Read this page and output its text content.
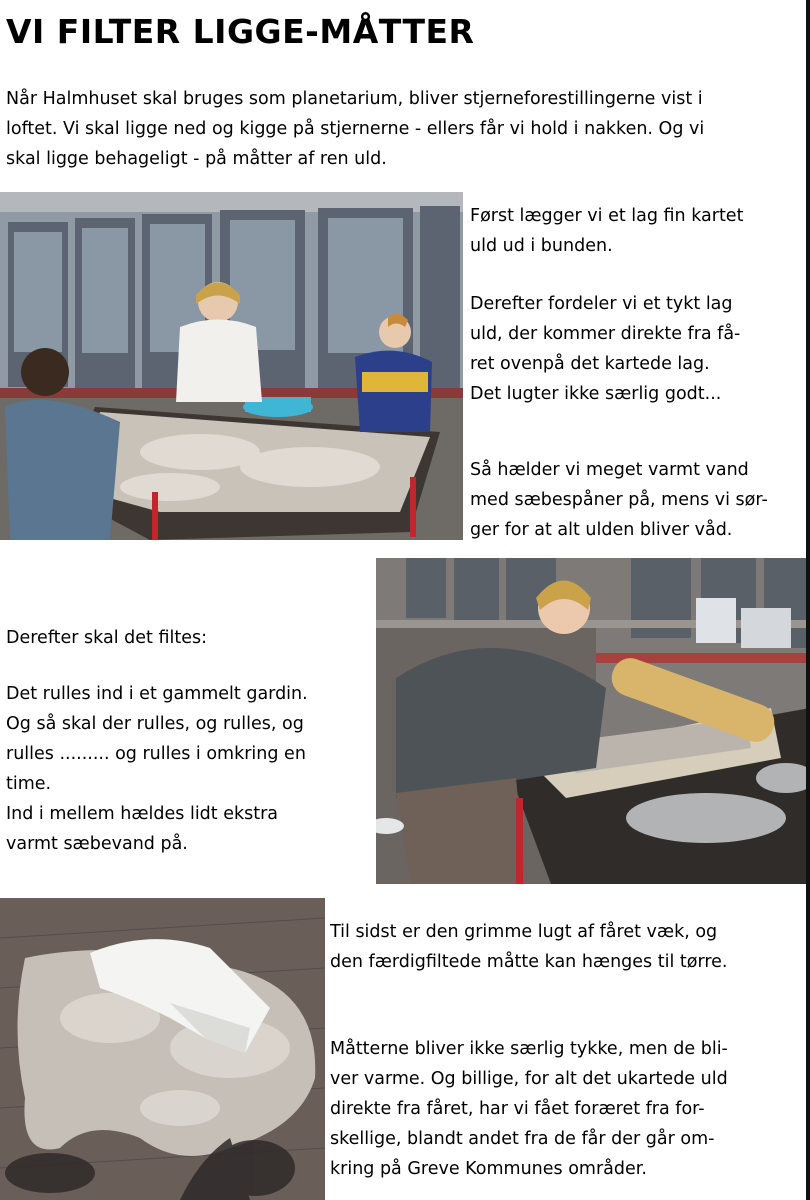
VI FILTER LIGGE-MÅTTER

Når Halmhuset skal bruges som planetarium, bliver stjerneforestillingerne vist i
loftet. Vi skal ligge ned og kigge på stjernerne - ellers får vi hold i nakken. Og vi
skal ligge behageligt - på måtter af ren uld.

Først lægger vi et lag fin kartet
uld ud i bunden.

Derefter fordeler vi et tykt lag
uld, der kommer direkte fra få-
ret ovenpå det kartede lag.
Det lugter ikke særlig godt...

Så hælder vi meget varmt vand
med sæbespåner på, mens vi sør-
ger for at alt ulden bliver våd.

Derefter skal det filtes:

Det rulles ind i et gammelt gardin.
Og så skal der rulles, og rulles, og
rulles ......... og rulles i omkring en
time.
Ind i mellem hældes lidt ekstra
varmt sæbevand på.

Til sidst er den grimme lugt af fåret væk, og
den færdigfiltede måtte kan hænges til tørre.

Måtterne bliver ikke særlig tykke, men de bli-
ver varme. Og billige, for alt det ukartede uld
direkte fra fåret, har vi fået foræret fra for-
skellige, blandt andet fra de får der går om-
kring på Greve Kommunes områder.
